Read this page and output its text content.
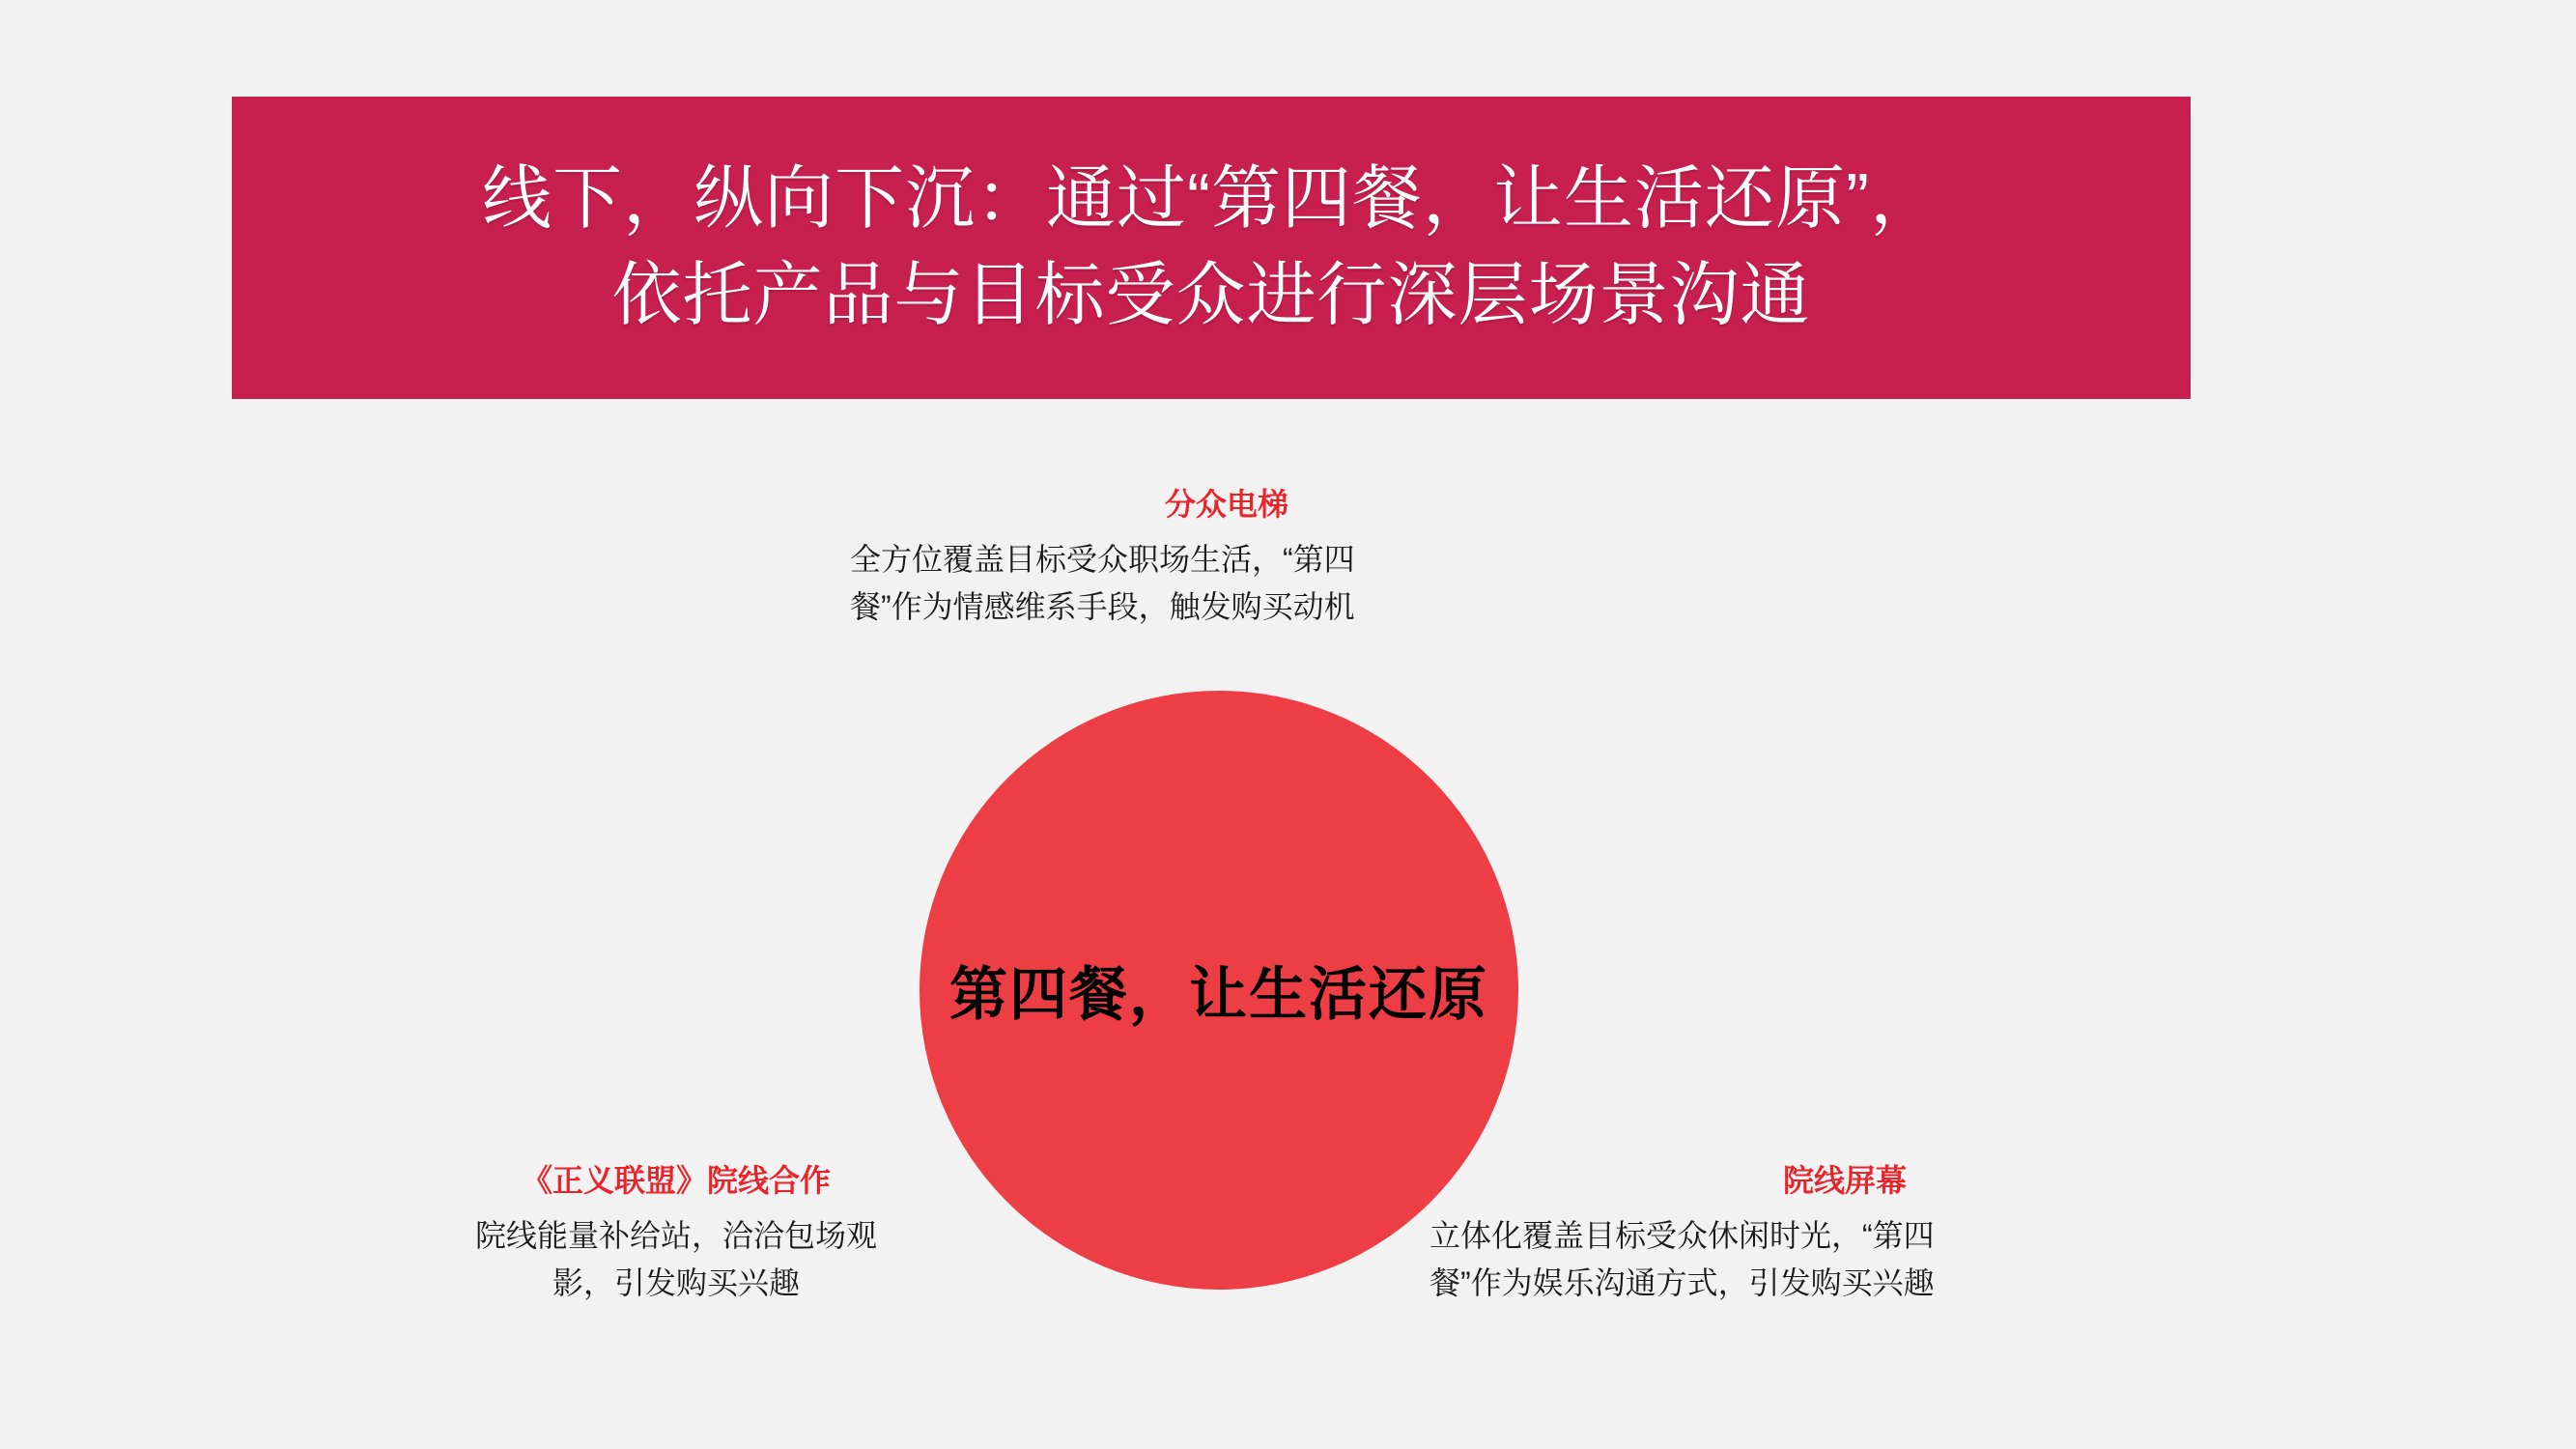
线下，纵向下沉：通过“第四餐，让生活还原”，
依托产品与目标受众进行深层场景沟通
分众电梯
全方位覆盖目标受众职场生活，“第四
餐”作为情感维系手段，触发购买动机
第四餐，让生活还原
《正义联盟》院线合作
院线能量补给站，洽洽包场观
影，引发购买兴趣
院线屏幕
立体化覆盖目标受众休闲时光，“第四
餐”作为娱乐沟通方式，引发购买兴趣
